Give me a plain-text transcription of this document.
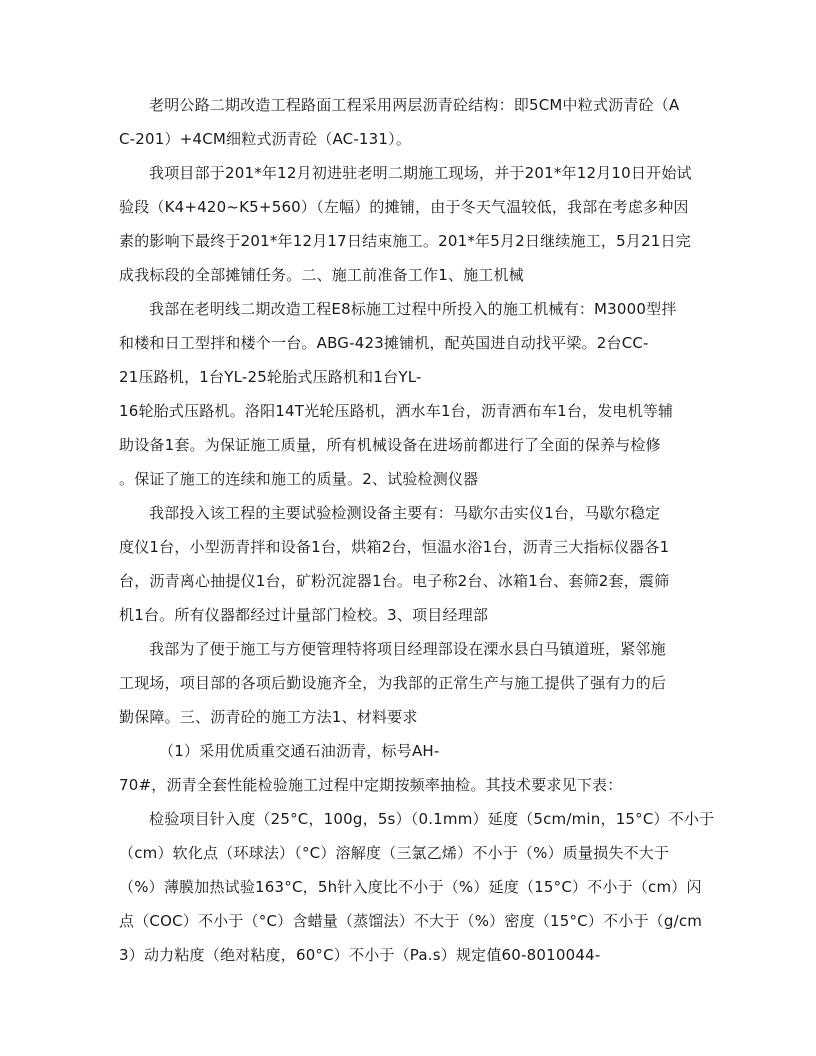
老明公路二期改造工程路面工程采用两层沥青砼结构：即5CM中粒式沥青砼（A

C-201）+4CM细粒式沥青砼（AC-131）。

我项目部于201*年12月初进驻老明二期施工现场，并于201*年12月10日开始试

验段（K4+420~K5+560）（左幅）的摊铺，由于冬天气温较低，我部在考虑多种因

素的影响下最终于201*年12月17日结束施工。201*年5月2日继续施工，5月21日完

成我标段的全部摊铺任务。二、施工前准备工作1、施工机械

我部在老明线二期改造工程E8标施工过程中所投入的施工机械有：M3000型拌

和楼和日工型拌和楼个一台。ABG-423摊铺机，配英国进自动找平梁。2台CC-

21压路机，1台YL-25轮胎式压路机和1台YL-

16轮胎式压路机。洛阳14T光轮压路机，洒水车1台，沥青洒布车1台，发电机等辅

助设备1套。为保证施工质量，所有机械设备在进场前都进行了全面的保养与检修

。保证了施工的连续和施工的质量。2、试验检测仪器

我部投入该工程的主要试验检测设备主要有：马歇尔击实仪1台，马歇尔稳定

度仪1台，小型沥青拌和设备1台，烘箱2台，恒温水浴1台，沥青三大指标仪器各1

台，沥青离心抽提仪1台，矿粉沉淀器1台。电子称2台、冰箱1台、套筛2套，震筛

机1台。所有仪器都经过计量部门检校。3、项目经理部

我部为了便于施工与方便管理特将项目经理部设在溧水县白马镇道班，紧邻施

工现场，项目部的各项后勤设施齐全，为我部的正常生产与施工提供了强有力的后

勤保障。三、沥青砼的施工方法1、材料要求

（1）采用优质重交通石油沥青，标号AH-

70#，沥青全套性能检验施工过程中定期按频率抽检。其技术要求见下表：

检验项目针入度（25°C，100g，5s）（0.1mm）延度（5cm/min，15°C）不小于

（cm）软化点（环球法）（°C）溶解度（三氯乙烯）不小于（%）质量损失不大于

（%）薄膜加热试验163°C，5h针入度比不小于（%）延度（15°C）不小于（cm）闪

点（COC）不小于（°C）含蜡量（蒸馏法）不大于（%）密度（15°C）不小于（g/cm

3）动力粘度（绝对粘度，60°C）不小于（Pa.s）规定值60-8010044-
